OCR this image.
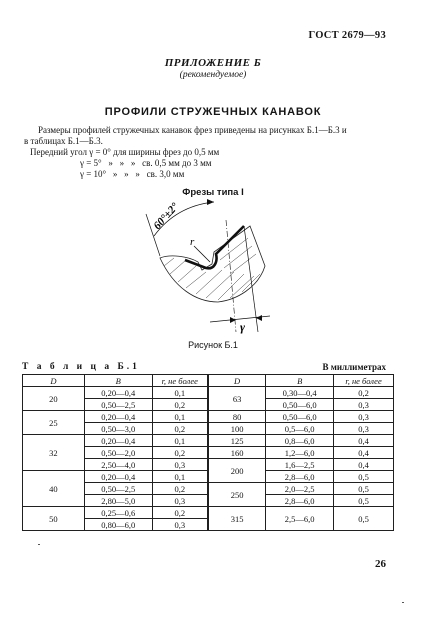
ГОСТ 2679—93
ПРИЛОЖЕНИЕ Б
(рекомендуемое)
ПРОФИЛИ СТРУЖЕЧНЫХ КАНАВОК
Размеры профилей стружечных канавок фрез приведены на рисунках Б.1—Б.3 и
в таблицах Б.1—Б.3.
Передний угол γ = 0° для ширины фрез до 0,5 мм
γ = 5°   »   »   »   св. 0,5 мм до 3 мм
γ = 10°   »   »   »   св. 3,0 мм
Фрезы типа I
r
60°±2°
γ
Рисунок Б.1
Т а б л и ц а Б.1	В миллиметрах
D	B	r, не более	D	B	r, не более
20	0,20—0,4	0,1	63	0,30—0,4	0,2
	0,50—2,5	0,2		0,50—6,0	0,3
25	0,20—0,4	0,1	80	0,50—6,0	0,3
	0,50—3,0	0,2	100	0,5—6,0	0,3
32	0,20—0,4	0,1	125	0,8—6,0	0,4
	0,50—2,0	0,2	160	1,2—6,0	0,4
	2,50—4,0	0,3	200	1,6—2,5	0,4
40	0,20—0,4	0,1		2,8—6,0	0,5
	0,50—2,5	0,2	250	2,0—2,5	0,5
	2,80—5,0	0,3		2,8—6,0	0,5
50	0,25—0,6	0,2	315	2,5—6,0	0,5
	0,80—6,0	0,3			
26
